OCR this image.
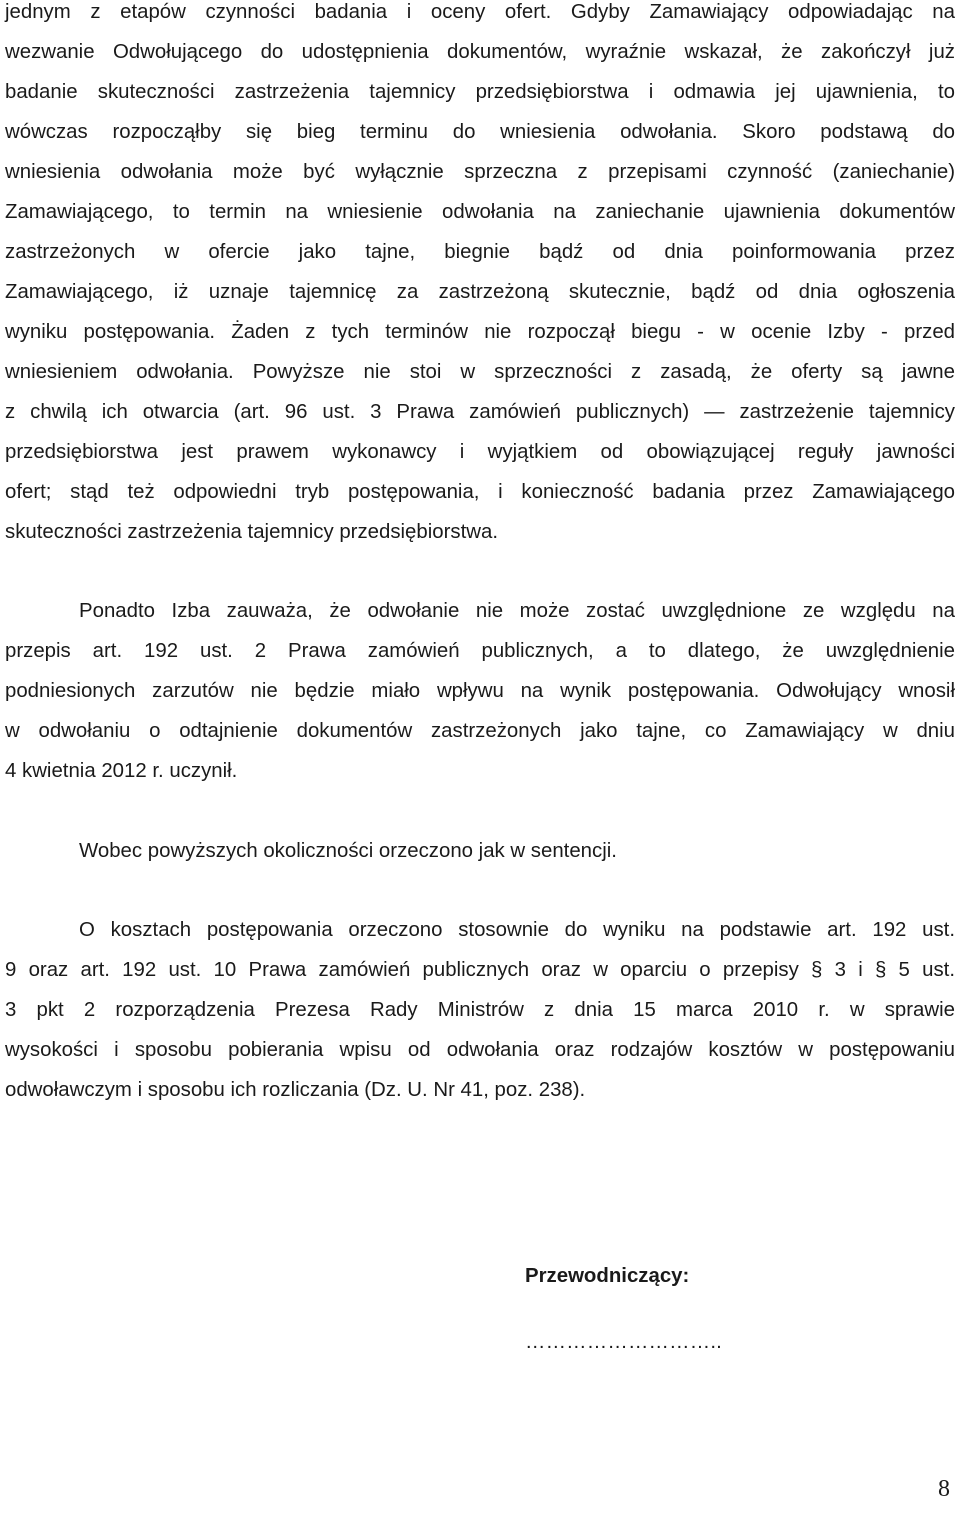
jednym z etapów czynności badania i oceny ofert. Gdyby Zamawiający odpowiadając na
wezwanie Odwołującego do udostępnienia dokumentów, wyraźnie wskazał, że zakończył już
badanie skuteczności zastrzeżenia tajemnicy przedsiębiorstwa i odmawia jej ujawnienia, to
wówczas rozpocząłby się bieg terminu do wniesienia odwołania. Skoro podstawą do
wniesienia odwołania może być wyłącznie sprzeczna z przepisami czynność (zaniechanie)
Zamawiającego, to termin na wniesienie odwołania na zaniechanie ujawnienia dokumentów
zastrzeżonych w ofercie jako tajne, biegnie bądź od dnia poinformowania przez
Zamawiającego, iż uznaje tajemnicę za zastrzeżoną skutecznie, bądź od dnia ogłoszenia
wyniku postępowania. Żaden z tych terminów nie rozpoczął biegu - w ocenie Izby - przed
wniesieniem odwołania. Powyższe nie stoi w sprzeczności z zasadą, że oferty są jawne
z chwilą ich otwarcia (art. 96 ust. 3 Prawa zamówień publicznych) ― zastrzeżenie tajemnicy
przedsiębiorstwa jest prawem wykonawcy i wyjątkiem od obowiązującej reguły jawności
ofert; stąd też odpowiedni tryb postępowania, i konieczność badania przez Zamawiającego
skuteczności zastrzeżenia tajemnicy przedsiębiorstwa.
Ponadto Izba zauważa, że odwołanie nie może zostać uwzględnione ze względu na
przepis art. 192 ust. 2 Prawa zamówień publicznych, a to dlatego, że uwzględnienie
podniesionych zarzutów nie będzie miało wpływu na wynik postępowania. Odwołujący wnosił
w odwołaniu o odtajnienie dokumentów zastrzeżonych jako tajne, co Zamawiający w dniu
4 kwietnia 2012 r. uczynił.
Wobec powyższych okoliczności orzeczono jak w sentencji.
O kosztach postępowania orzeczono stosownie do wyniku na podstawie art. 192 ust.
9 oraz art. 192 ust. 10 Prawa zamówień publicznych oraz w oparciu o przepisy § 3 i § 5 ust.
3 pkt 2 rozporządzenia Prezesa Rady Ministrów z dnia 15 marca 2010 r. w sprawie
wysokości i sposobu pobierania wpisu od odwołania oraz rodzajów kosztów w postępowaniu
odwoławczym i sposobu ich rozliczania (Dz. U. Nr 41, poz. 238).
Przewodniczący:
………………………..
8
